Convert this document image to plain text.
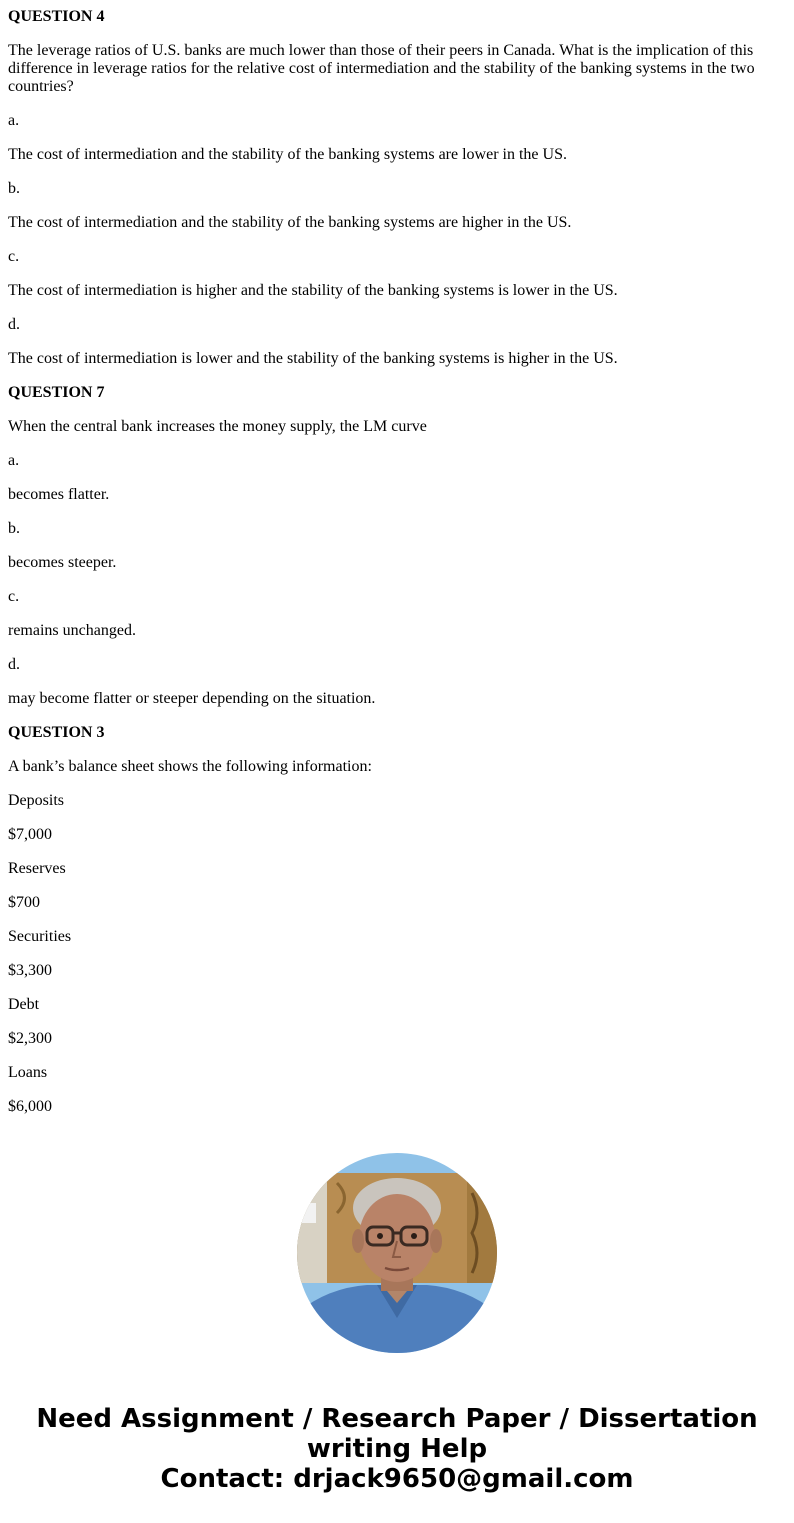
QUESTION 4

The leverage ratios of U.S. banks are much lower than those of their peers in Canada. What is the implication of this difference in leverage ratios for the relative cost of intermediation and the stability of the banking systems in the two countries?

a.

The cost of intermediation and the stability of the banking systems are lower in the US.

b.

The cost of intermediation and the stability of the banking systems are higher in the US.

c.

The cost of intermediation is higher and the stability of the banking systems is lower in the US.

d.

The cost of intermediation is lower and the stability of the banking systems is higher in the US.

QUESTION 7

When the central bank increases the money supply, the LM curve

a.

becomes flatter.

b.

becomes steeper.

c.

remains unchanged.

d.

may become flatter or steeper depending on the situation.

QUESTION 3

A bank’s balance sheet shows the following information:

Deposits

$7,000

Reserves

$700

Securities

$3,300

Debt

$2,300

Loans

$6,000

Need Assignment / Research Paper / Dissertation
writing Help
Contact: drjack9650@gmail.com
